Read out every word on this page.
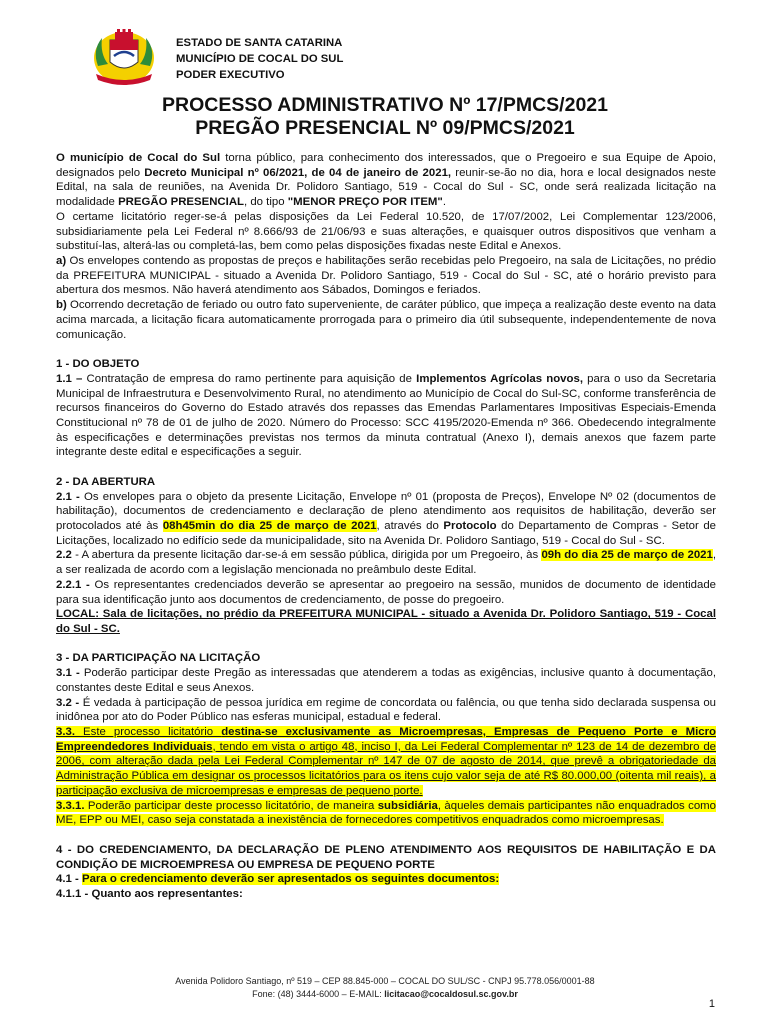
ESTADO DE SANTA CATARINA
MUNICÍPIO DE COCAL DO SUL
PODER EXECUTIVO
PROCESSO ADMINISTRATIVO Nº 17/PMCS/2021
PREGÃO PRESENCIAL Nº 09/PMCS/2021

O município de Cocal do Sul torna público, para conhecimento dos interessados, que o Pregoeiro e sua Equipe de Apoio, designados pelo Decreto Municipal nº 06/2021, de 04 de janeiro de 2021, reunir-se-ão no dia, hora e local designados neste Edital, na sala de reuniões, na Avenida Dr. Polidoro Santiago, 519 - Cocal do Sul - SC, onde será realizada licitação na modalidade PREGÃO PRESENCIAL, do tipo "MENOR PREÇO POR ITEM".

O certame licitatório reger-se-á pelas disposições da Lei Federal 10.520, de 17/07/2002, Lei Complementar 123/2006, subsidiariamente pela Lei Federal nº 8.666/93 de 21/06/93 e suas alterações, e quaisquer outros dispositivos que venham a substituí-las, alterá-las ou completá-las, bem como pelas disposições fixadas neste Edital e Anexos.

a) Os envelopes contendo as propostas de preços e habilitações serão recebidas pelo Pregoeiro, na sala de Licitações, no prédio da PREFEITURA MUNICIPAL - situado a Avenida Dr. Polidoro Santiago, 519 - Cocal do Sul - SC, até o horário previsto para abertura dos mesmos. Não haverá atendimento aos Sábados, Domingos e feriados.

b) Ocorrendo decretação de feriado ou outro fato superveniente, de caráter público, que impeça a realização deste evento na data acima marcada, a licitação ficara automaticamente prorrogada para o primeiro dia útil subsequente, independentemente de nova comunicação.

1 - DO OBJETO

1.1 – Contratação de empresa do ramo pertinente para aquisição de Implementos Agrícolas novos, para o uso da Secretaria Municipal de Infraestrutura e Desenvolvimento Rural, no atendimento ao Município de Cocal do Sul-SC, conforme transferência de recursos financeiros do Governo do Estado através dos repasses das Emendas Parlamentares Impositivas Especiais-Emenda Constitucional nº 78 de 01 de julho de 2020. Número do Processo: SCC 4195/2020-Emenda nº 366. Obedecendo integralmente às especificações e determinações previstas nos termos da minuta contratual (Anexo I), demais anexos que fazem parte integrante deste edital e especificações a seguir.

2 - DA ABERTURA

2.1 - Os envelopes para o objeto da presente Licitação, Envelope nº 01 (proposta de Preços), Envelope Nº 02 (documentos de habilitação), documentos de credenciamento e declaração de pleno atendimento aos requisitos de habilitação, deverão ser protocolados até às 08h45min do dia 25 de março de 2021, através do Protocolo do Departamento de Compras - Setor de Licitações, localizado no edifício sede da municipalidade, sito na Avenida Dr. Polidoro Santiago, 519 - Cocal do Sul - SC.

2.2 - A abertura da presente licitação dar-se-á em sessão pública, dirigida por um Pregoeiro, às 09h do dia 25 de março de 2021, a ser realizada de acordo com a legislação mencionada no preâmbulo deste Edital.

2.2.1 - Os representantes credenciados deverão se apresentar ao pregoeiro na sessão, munidos de documento de identidade para sua identificação junto aos documentos de credenciamento, de posse do pregoeiro.

LOCAL: Sala de licitações, no prédio da PREFEITURA MUNICIPAL - situado a Avenida Dr. Polidoro Santiago, 519 - Cocal do Sul - SC.

3 - DA PARTICIPAÇÃO NA LICITAÇÃO

3.1 - Poderão participar deste Pregão as interessadas que atenderem a todas as exigências, inclusive quanto à documentação, constantes deste Edital e seus Anexos.

3.2 - É vedada à participação de pessoa jurídica em regime de concordata ou falência, ou que tenha sido declarada suspensa ou inidônea por ato do Poder Público nas esferas municipal, estadual e federal.

3.3. Este processo licitatório destina-se exclusivamente as Microempresas, Empresas de Pequeno Porte e Micro Empreendedores Individuais, tendo em vista o artigo 48, inciso I, da Lei Federal Complementar nº 123 de 14 de dezembro de 2006, com alteração dada pela Lei Federal Complementar nº 147 de 07 de agosto de 2014, que prevê a obrigatoriedade da Administração Pública em designar os processos licitatórios para os itens cujo valor seja de até R$ 80.000,00 (oitenta mil reais), a participação exclusiva de microempresas e empresas de pequeno porte.

3.3.1. Poderão participar deste processo licitatório, de maneira subsidiária, àqueles demais participantes não enquadrados como ME, EPP ou MEI, caso seja constatada a inexistência de fornecedores competitivos enquadrados como microempresas.

4 - DO CREDENCIAMENTO, DA DECLARAÇÃO DE PLENO ATENDIMENTO AOS REQUISITOS DE HABILITAÇÃO E DA CONDIÇÃO DE MICROEMPRESA OU EMPRESA DE PEQUENO PORTE

4.1 - Para o credenciamento deverão ser apresentados os seguintes documentos:

4.1.1 - Quanto aos representantes:

Avenida Polidoro Santiago, nº 519 – CEP 88.845-000 – COCAL DO SUL/SC - CNPJ 95.778.056/0001-88
Fone: (48) 3444-6000 – E-MAIL: licitacao@cocaldosul.sc.gov.br
1
